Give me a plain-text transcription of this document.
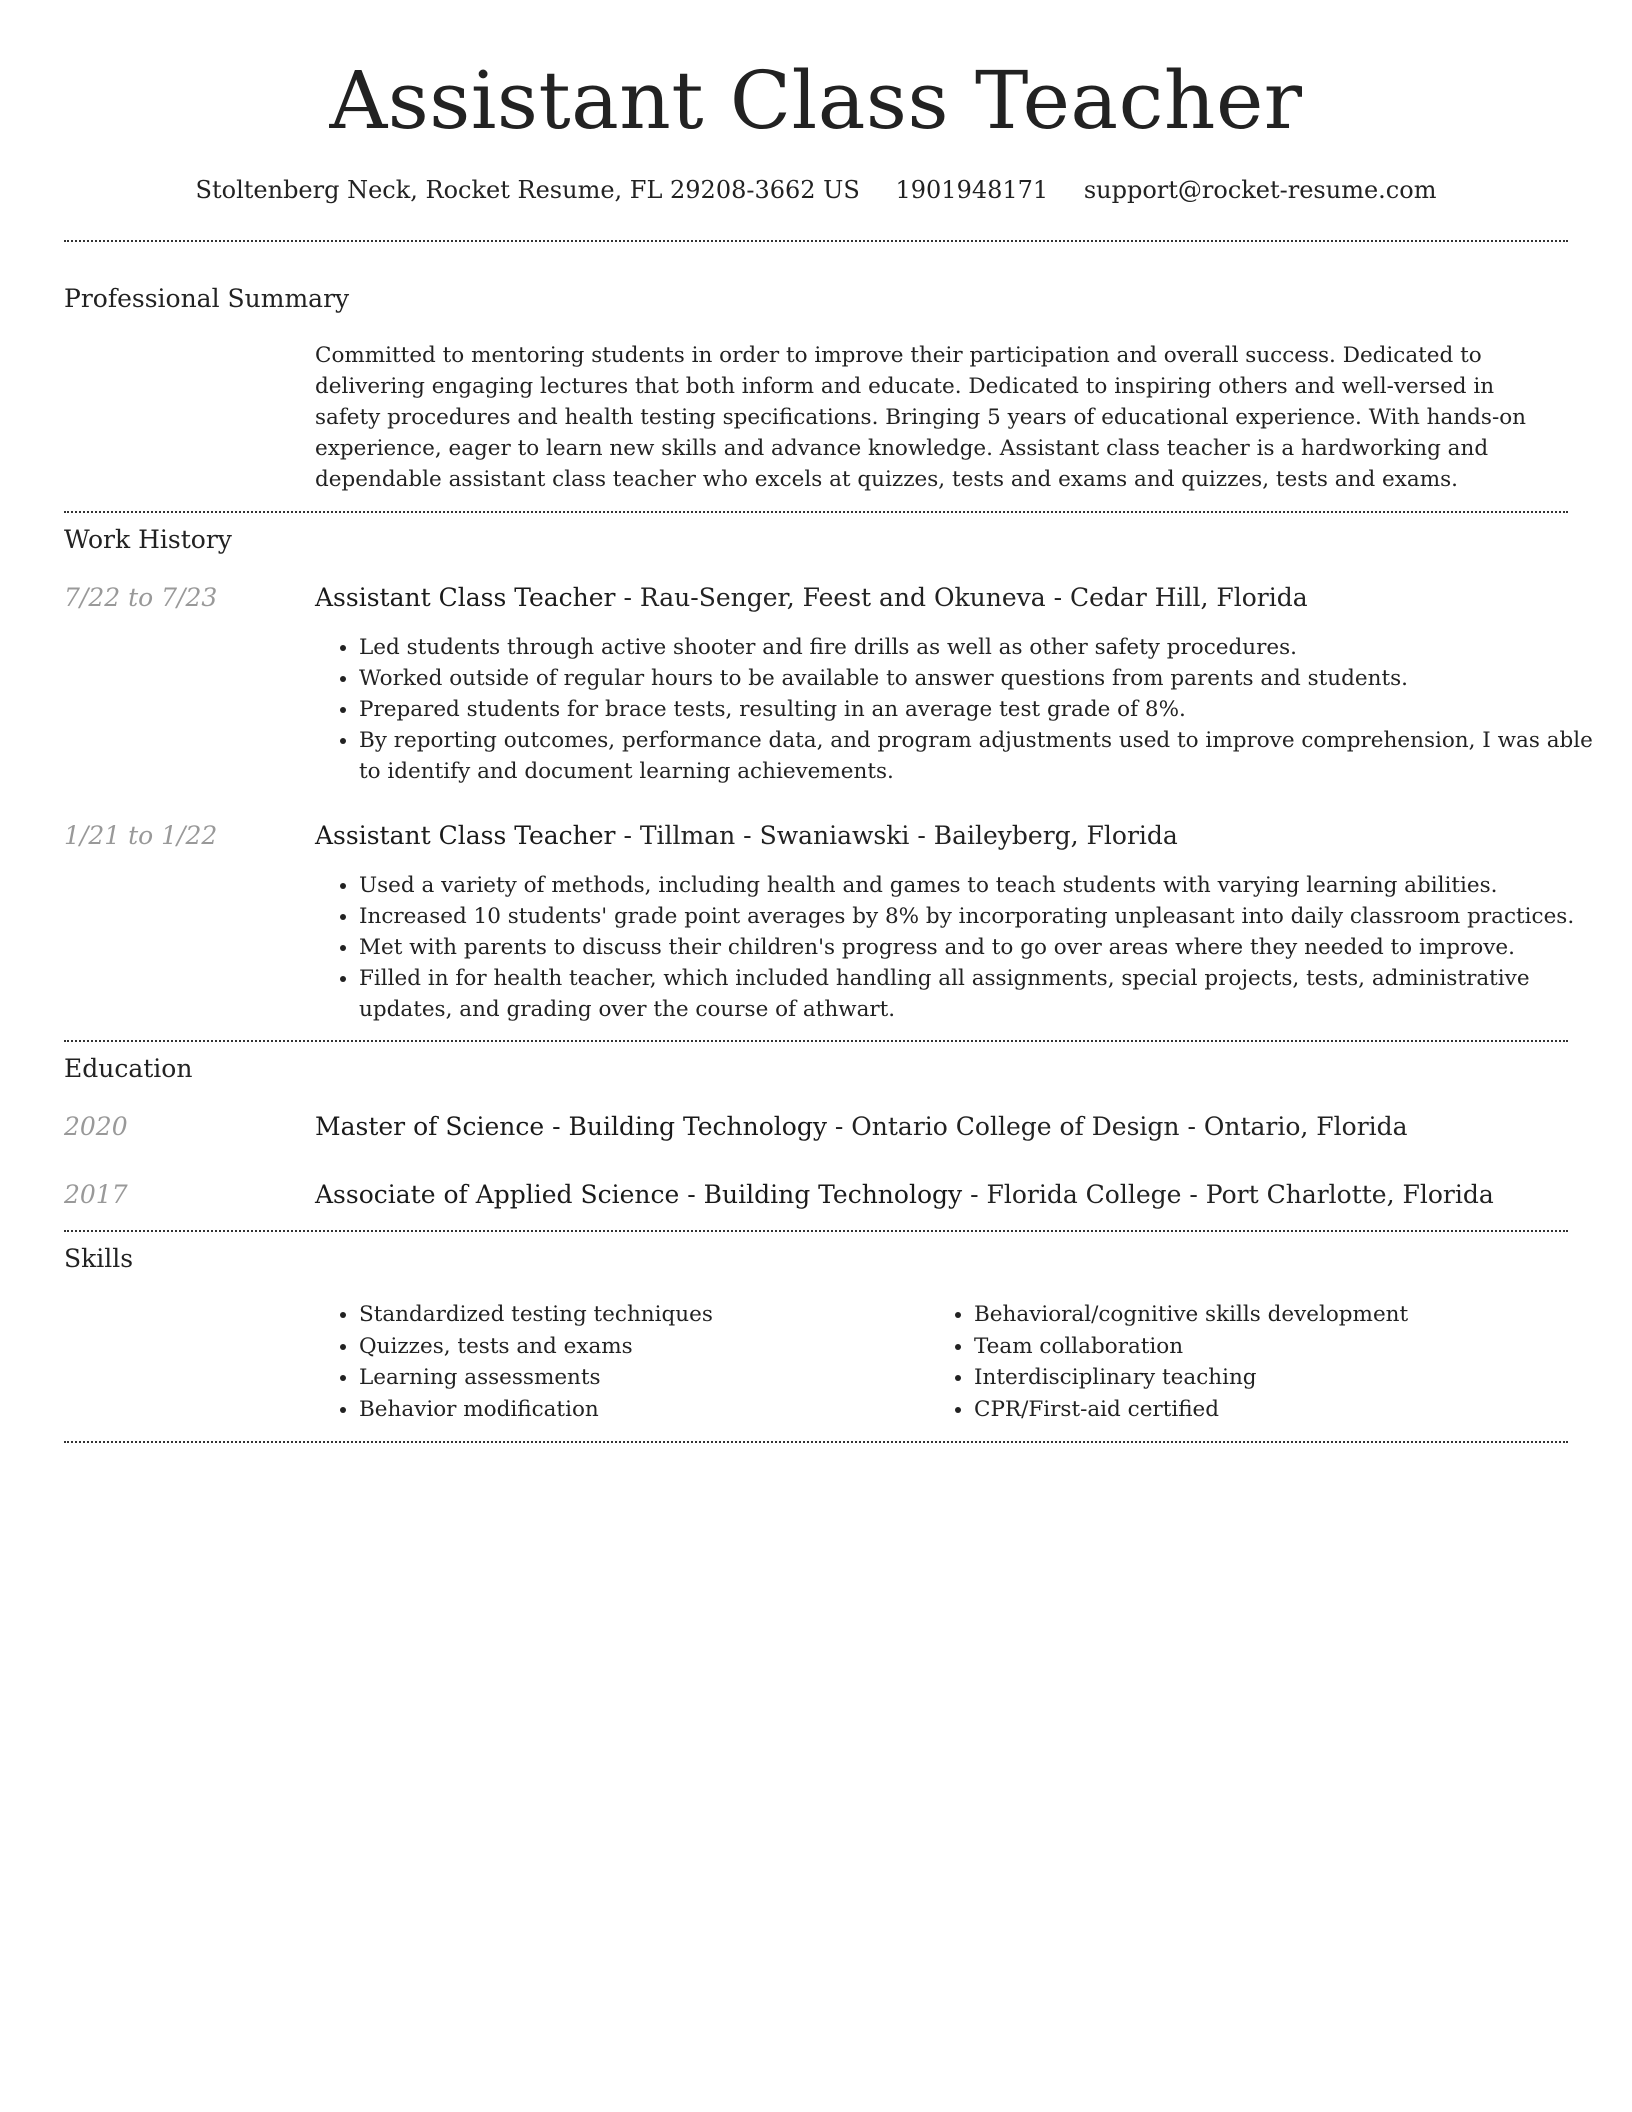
Assistant Class Teacher
Stoltenberg Neck, Rocket Resume, FL 29208-3662 US 1901948171 support@rocket-resume.com
Professional Summary
Committed to mentoring students in order to improve their participation and overall success. Dedicated to delivering engaging lectures that both inform and educate. Dedicated to inspiring others and well-versed in safety procedures and health testing specifications. Bringing 5 years of educational experience. With hands-on experience, eager to learn new skills and advance knowledge. Assistant class teacher is a hardworking and dependable assistant class teacher who excels at quizzes, tests and exams and quizzes, tests and exams.
Work History
7/22 to 7/23	Assistant Class Teacher - Rau-Senger, Feest and Okuneva - Cedar Hill, Florida
• Led students through active shooter and fire drills as well as other safety procedures.
• Worked outside of regular hours to be available to answer questions from parents and students.
• Prepared students for brace tests, resulting in an average test grade of 8%.
• By reporting outcomes, performance data, and program adjustments used to improve comprehension, I was able to identify and document learning achievements.
1/21 to 1/22	Assistant Class Teacher - Tillman - Swaniawski - Baileyberg, Florida
• Used a variety of methods, including health and games to teach students with varying learning abilities.
• Increased 10 students' grade point averages by 8% by incorporating unpleasant into daily classroom practices.
• Met with parents to discuss their children's progress and to go over areas where they needed to improve.
• Filled in for health teacher, which included handling all assignments, special projects, tests, administrative updates, and grading over the course of athwart.
Education
2020	Master of Science - Building Technology - Ontario College of Design - Ontario, Florida
2017	Associate of Applied Science - Building Technology - Florida College - Port Charlotte, Florida
Skills
• Standardized testing techniques
• Quizzes, tests and exams
• Learning assessments
• Behavior modification
• Behavioral/cognitive skills development
• Team collaboration
• Interdisciplinary teaching
• CPR/First-aid certified
